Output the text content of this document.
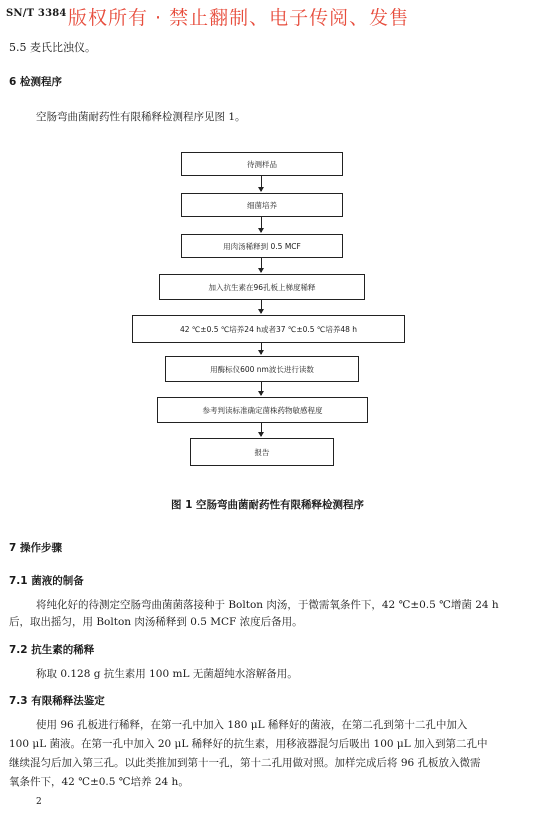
SN/T 3384 版权所有 · 禁止翻制、电子传阅、发售
5.5 麦氏比浊仪。
6 检测程序
空肠弯曲菌耐药性有限稀释检测程序见图 1。
待测样品
细菌培养
用肉汤稀释到 0.5 MCF
加入抗生素在96孔板上梯度稀释
42 ℃±0.5 ℃培养24 h或者37 ℃±0.5 ℃培养48 h
用酶标仪600 nm波长进行读数
参考判读标准确定菌株药物敏感程度
报告
图 1 空肠弯曲菌耐药性有限稀释检测程序
7 操作步骤
7.1 菌液的制备
将纯化好的待测定空肠弯曲菌菌落接种于 Bolton 肉汤，于微需氧条件下，42 ℃±0.5 ℃增菌 24 h
后，取出摇匀，用 Bolton 肉汤稀释到 0.5 MCF 浓度后备用。
7.2 抗生素的稀释
称取 0.128 g 抗生素用 100 mL 无菌超纯水溶解备用。
7.3 有限稀释法鉴定
使用 96 孔板进行稀释，在第一孔中加入 180 μL 稀释好的菌液，在第二孔到第十二孔中加入
100 μL 菌液。在第一孔中加入 20 μL 稀释好的抗生素，用移液器混匀后吸出 100 μL 加入到第二孔中
继续混匀后加入第三孔。以此类推加到第十一孔，第十二孔用做对照。加样完成后将 96 孔板放入微需
氧条件下，42 ℃±0.5 ℃培养 24 h。
2
